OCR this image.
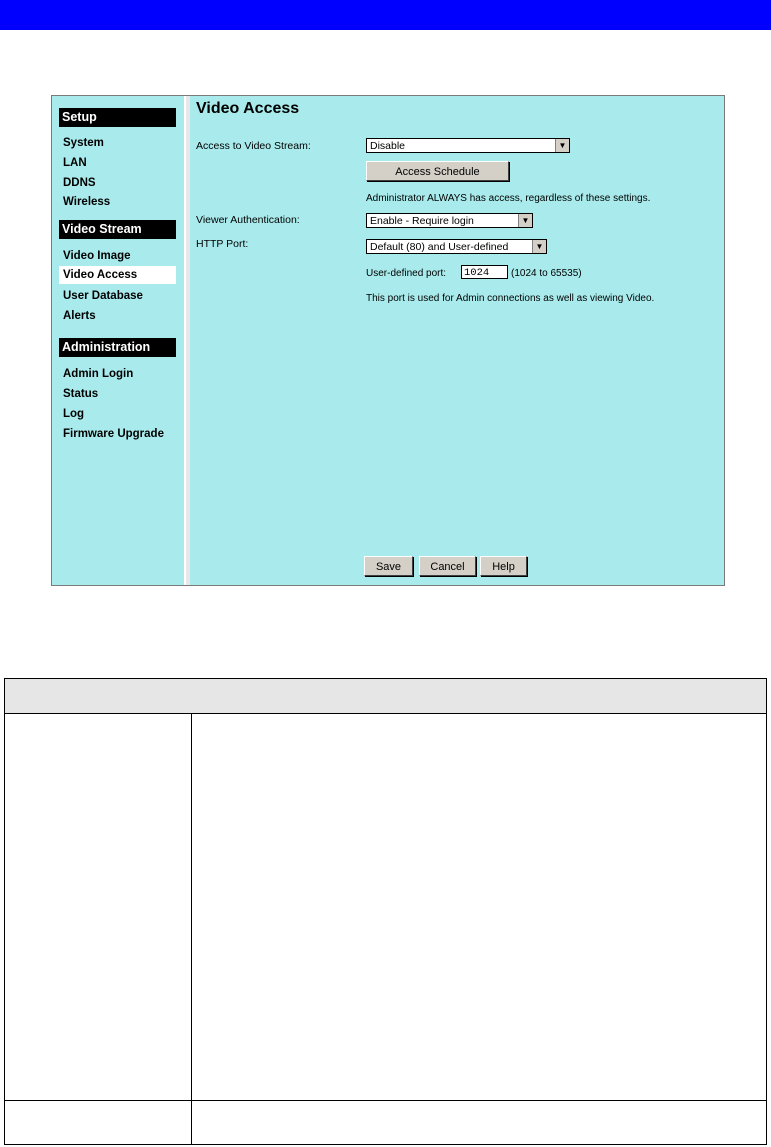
Setup
System
LAN
DDNS
Wireless
Video Stream
Video Image
Video Access
User Database
Alerts
Administration
Admin Login
Status
Log
Firmware Upgrade
Video Access
Access to Video Stream:	Disable	▼
Access Schedule
Administrator ALWAYS has access, regardless of these settings.
Viewer Authentication:	Enable - Require login	▼
HTTP Port:	Default (80) and User-defined	▼
User-defined port: 1024	(1024 to 65535)
This port is used for Admin connections as well as viewing Video.
Save	Cancel	Help
